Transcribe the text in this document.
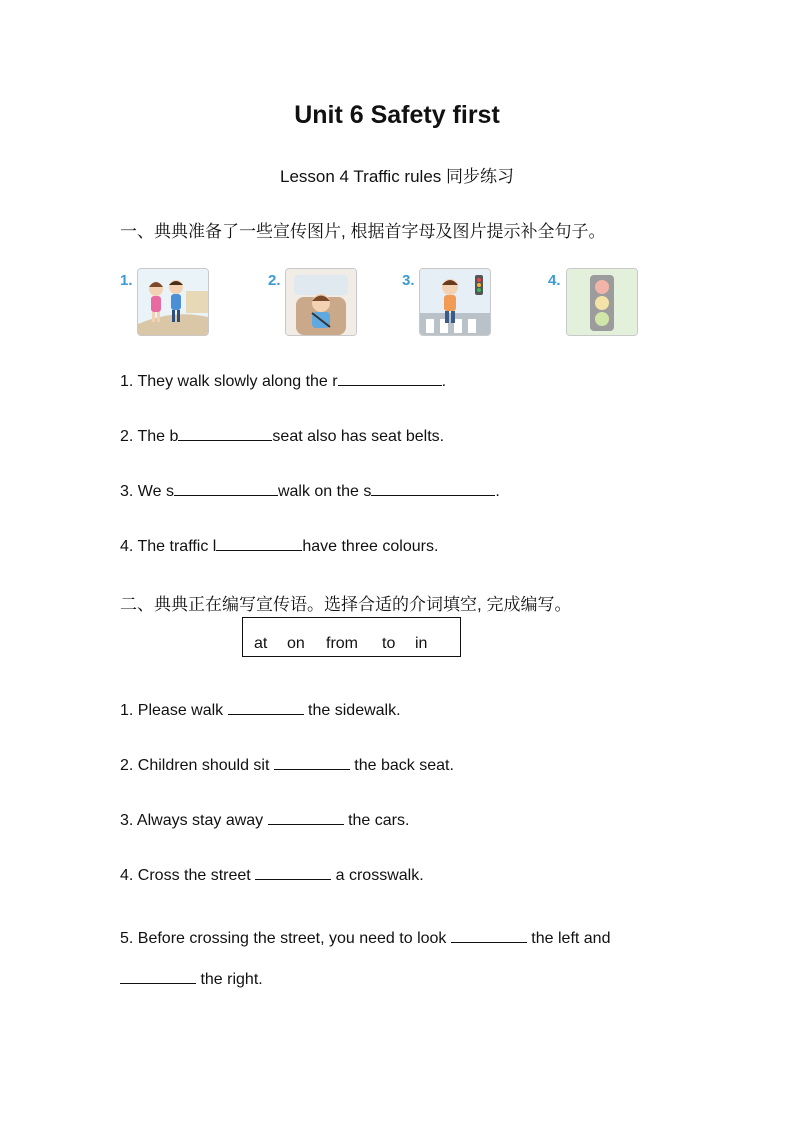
Unit 6 Safety first
Lesson 4 Traffic rules 同步练习
一、典典准备了一些宣传图片, 根据首字母及图片提示补全句子。
1.	2.	3.	4.
1. They walk slowly along the r	.
2. The b	seat also has seat belts.
3. We s	walk on the s	.
4. The traffic l	have three colours.
二、典典正在编写宣传语。选择合适的介词填空, 完成编写。
at on from to in
1. Please walk	the sidewalk.
2. Children should sit	the back seat.
3. Always stay away	the cars.
4. Cross the street	a crosswalk.
5. Before crossing the street, you need to look	the left and
the right.
